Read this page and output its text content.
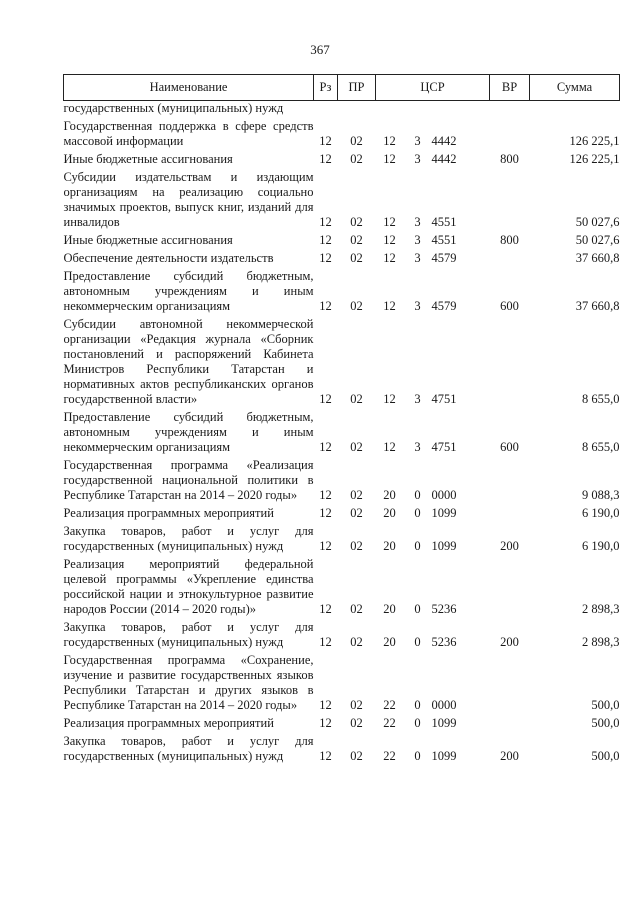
367
Наименование	Рз	ПР	ЦСР			ВР	Сумма
государственных (муниципальных) нужд							
Государственная поддержка в сфере средств массовой информации	12	02	12	3	4442		126 225,1
Иные бюджетные ассигнования	12	02	12	3	4442	800	126 225,1
Субсидии издательствам и издающим организациям на реализацию социально значимых проектов, выпуск книг, изданий для инвалидов	12	02	12	3	4551		50 027,6
Иные бюджетные ассигнования	12	02	12	3	4551	800	50 027,6
Обеспечение деятельности издательств	12	02	12	3	4579		37 660,8
Предоставление субсидий бюджетным, автономным учреждениям и иным некоммерческим организациям	12	02	12	3	4579	600	37 660,8
Субсидии автономной некоммерческой организации «Редакция журнала «Сборник постановлений и распоряжений Кабинета Министров Республики Татарстан и нормативных актов республиканских органов государственной власти»	12	02	12	3	4751		8 655,0
Предоставление субсидий бюджетным, автономным учреждениям и иным некоммерческим организациям	12	02	12	3	4751	600	8 655,0
Государственная программа «Реализация государственной национальной политики в Республике Татарстан на 2014 – 2020 годы»	12	02	20	0	0000		9 088,3
Реализация программных мероприятий	12	02	20	0	1099		6 190,0
Закупка товаров, работ и услуг для государственных (муниципальных) нужд	12	02	20	0	1099	200	6 190,0
Реализация мероприятий федеральной целевой программы «Укрепление единства российской нации и этнокультурное развитие народов России (2014 – 2020 годы)»	12	02	20	0	5236		2 898,3
Закупка товаров, работ и услуг для государственных (муниципальных) нужд	12	02	20	0	5236	200	2 898,3
Государственная программа «Сохранение, изучение и развитие государственных языков Республики Татарстан и других языков в Республике Татарстан на 2014 – 2020 годы»	12	02	22	0	0000		500,0
Реализация программных мероприятий	12	02	22	0	1099		500,0
Закупка товаров, работ и услуг для государственных (муниципальных) нужд	12	02	22	0	1099	200	500,0
